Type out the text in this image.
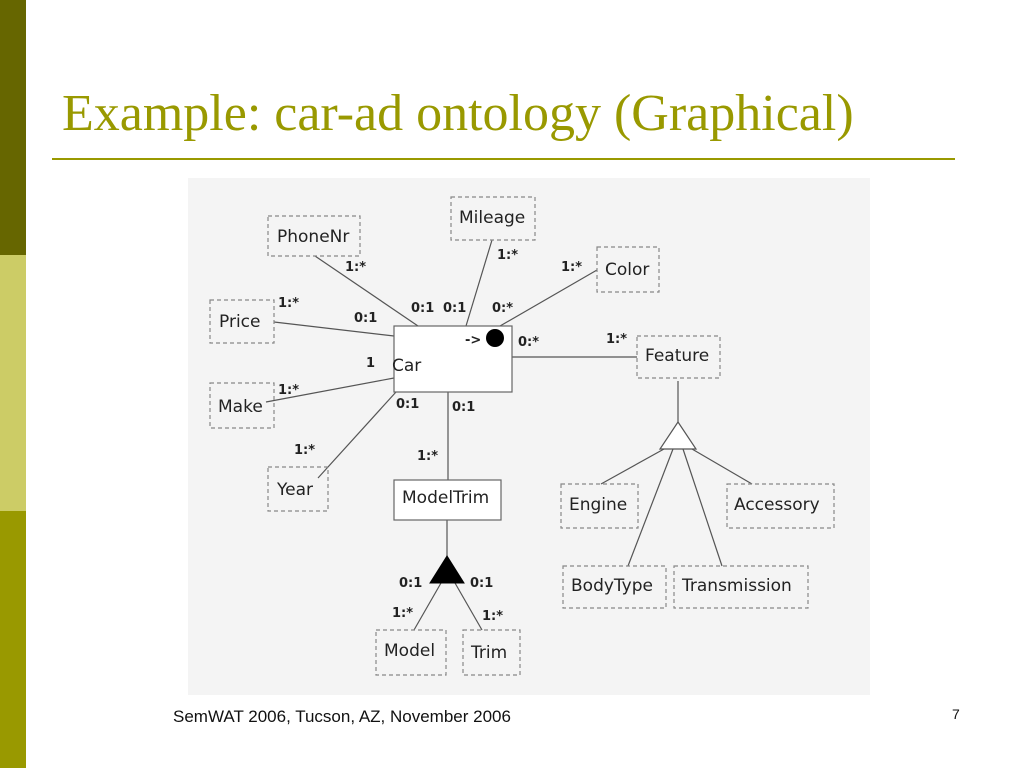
Example: car-ad ontology (Graphical)
Car
PhoneNr
Mileage
Color
Price
Make
Year
Feature
ModelTrim	Engine	Accessory
BodyType Transmission
Model Trim
->
1:*
0:1
1:*
0:1
1:*
0:*
1:*
0:1
1:*
1
1:*
0:1
1:*
0:*
1:*
0:1
1:*
0:1
1:*
0:1
SemWAT 2006, Tucson, AZ, November 2006	7
